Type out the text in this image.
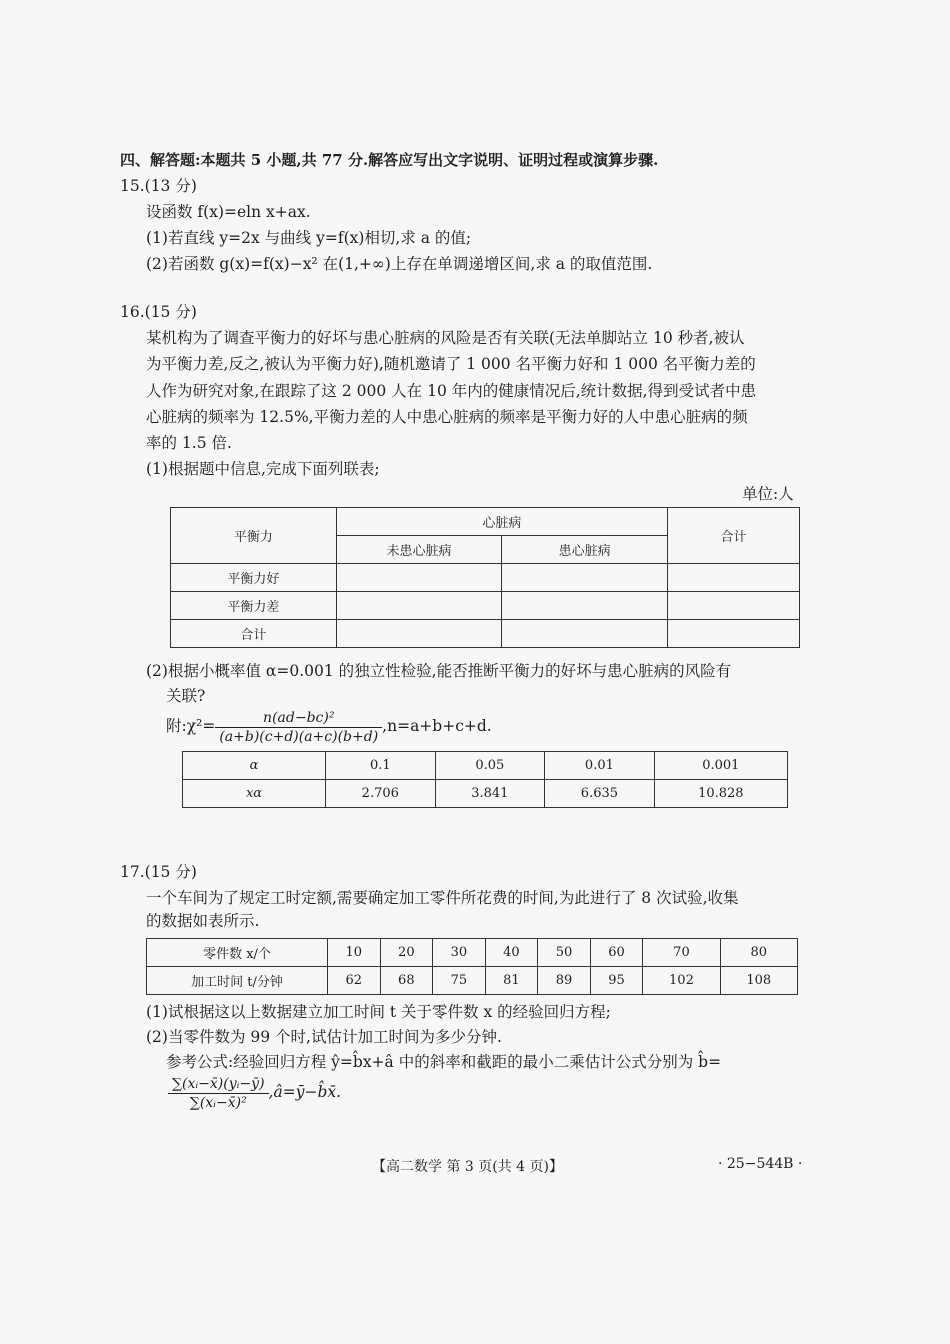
四、解答题:本题共 5 小题,共 77 分.解答应写出文字说明、证明过程或演算步骤.
15.(13 分)
设函数 f(x)=eln x+ax.
(1)若直线 y=2x 与曲线 y=f(x)相切,求 a 的值;
(2)若函数 g(x)=f(x)−x² 在(1,+∞)上存在单调递增区间,求 a 的取值范围.
16.(15 分)
某机构为了调查平衡力的好坏与患心脏病的风险是否有关联(无法单脚站立 10 秒者,被认
为平衡力差,反之,被认为平衡力好),随机邀请了 1 000 名平衡力好和 1 000 名平衡力差的
人作为研究对象,在跟踪了这 2 000 人在 10 年内的健康情况后,统计数据,得到受试者中患
心脏病的频率为 12.5%,平衡力差的人中患心脏病的频率是平衡力好的人中患心脏病的频
率的 1.5 倍.
(1)根据题中信息,完成下面列联表;
单位:人
平衡力	心脏病		合计
	未患心脏病	患心脏病	
平衡力好			
平衡力差			
合计			
(2)根据小概率值 α=0.001 的独立性检验,能否推断平衡力的好坏与患心脏病的风险有
关联?
附:χ²= $\frac{\text{n(ad−bc)²}}{(a+b)(c+d)(a+c)(b+d)} ,n=a+b+c+d$.
α	0.1	0.05	0.01	0.001
xα	2.706	3.841	6.635	10.828
17.(15 分)
一个车间为了规定工时定额,需要确定加工零件所花费的时间,为此进行了 8 次试验,收集
的数据如表所示.
零件数 x/个	10	20	30	40	50	60	70	80
加工时间 t/分钟	62	68	75	81	89	95	102	108
(1)试根据这以上数据建立加工时间 t 关于零件数 x 的经验回归方程;
(2)当零件数为 99 个时,试估计加工时间为多少分钟.
参考公式:经验回归方程 ŷ=b̂x+â 中的斜率和截距的最小二乘估计公式分别为 b̂=
$\frac{\text{∑(xᵢ−x̄)(yᵢ−ȳ)}}{\text{∑(xᵢ−x̄)²}}$ ,â=ȳ−b̂x̄.
【高二数学 第 3 页(共 4 页)】	· 25−544B ·
